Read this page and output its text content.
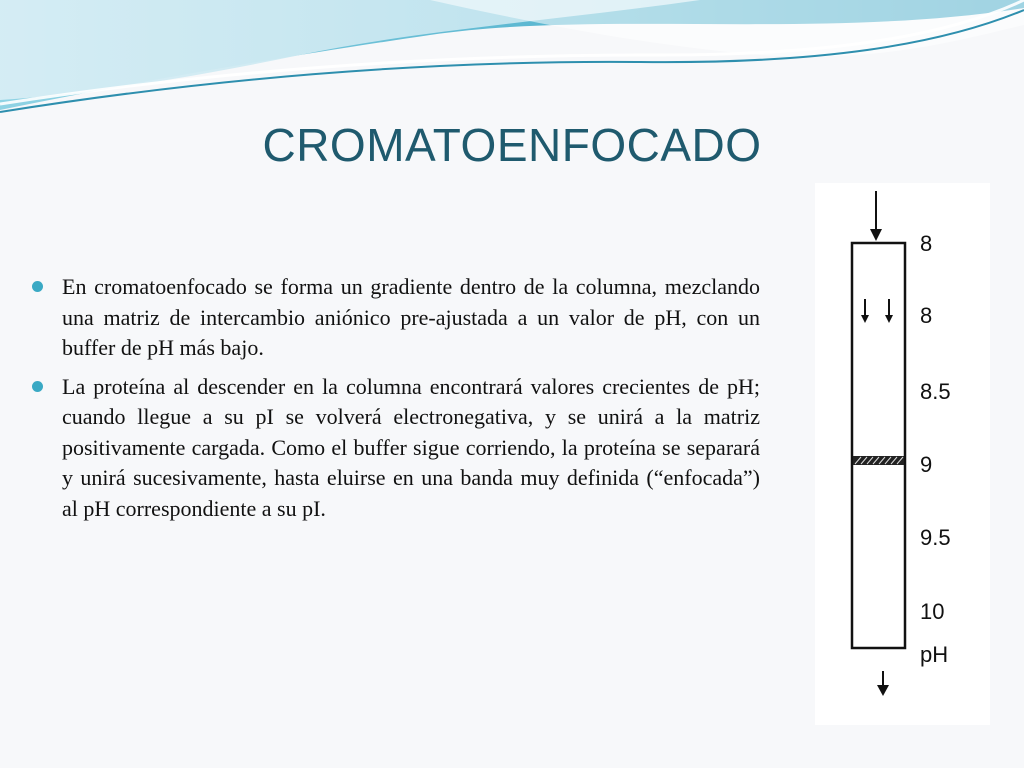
CROMATOENFOCADO
En cromatoenfocado se forma un gradiente dentro de la columna, mezclando una matriz de intercambio aniónico pre-ajustada a un valor de pH, con un buffer de pH más bajo.
La proteína al descender en la columna encontrará valores crecientes de pH; cuando llegue a su pI se volverá electronegativa, y se unirá a la matriz positivamente cargada. Como el buffer sigue corriendo, la proteína se separará y unirá sucesivamente, hasta eluirse en una banda muy definida (“enfocada”) al pH correspondiente a su pI.
8
8
8.5
9
9.5
10
pH
